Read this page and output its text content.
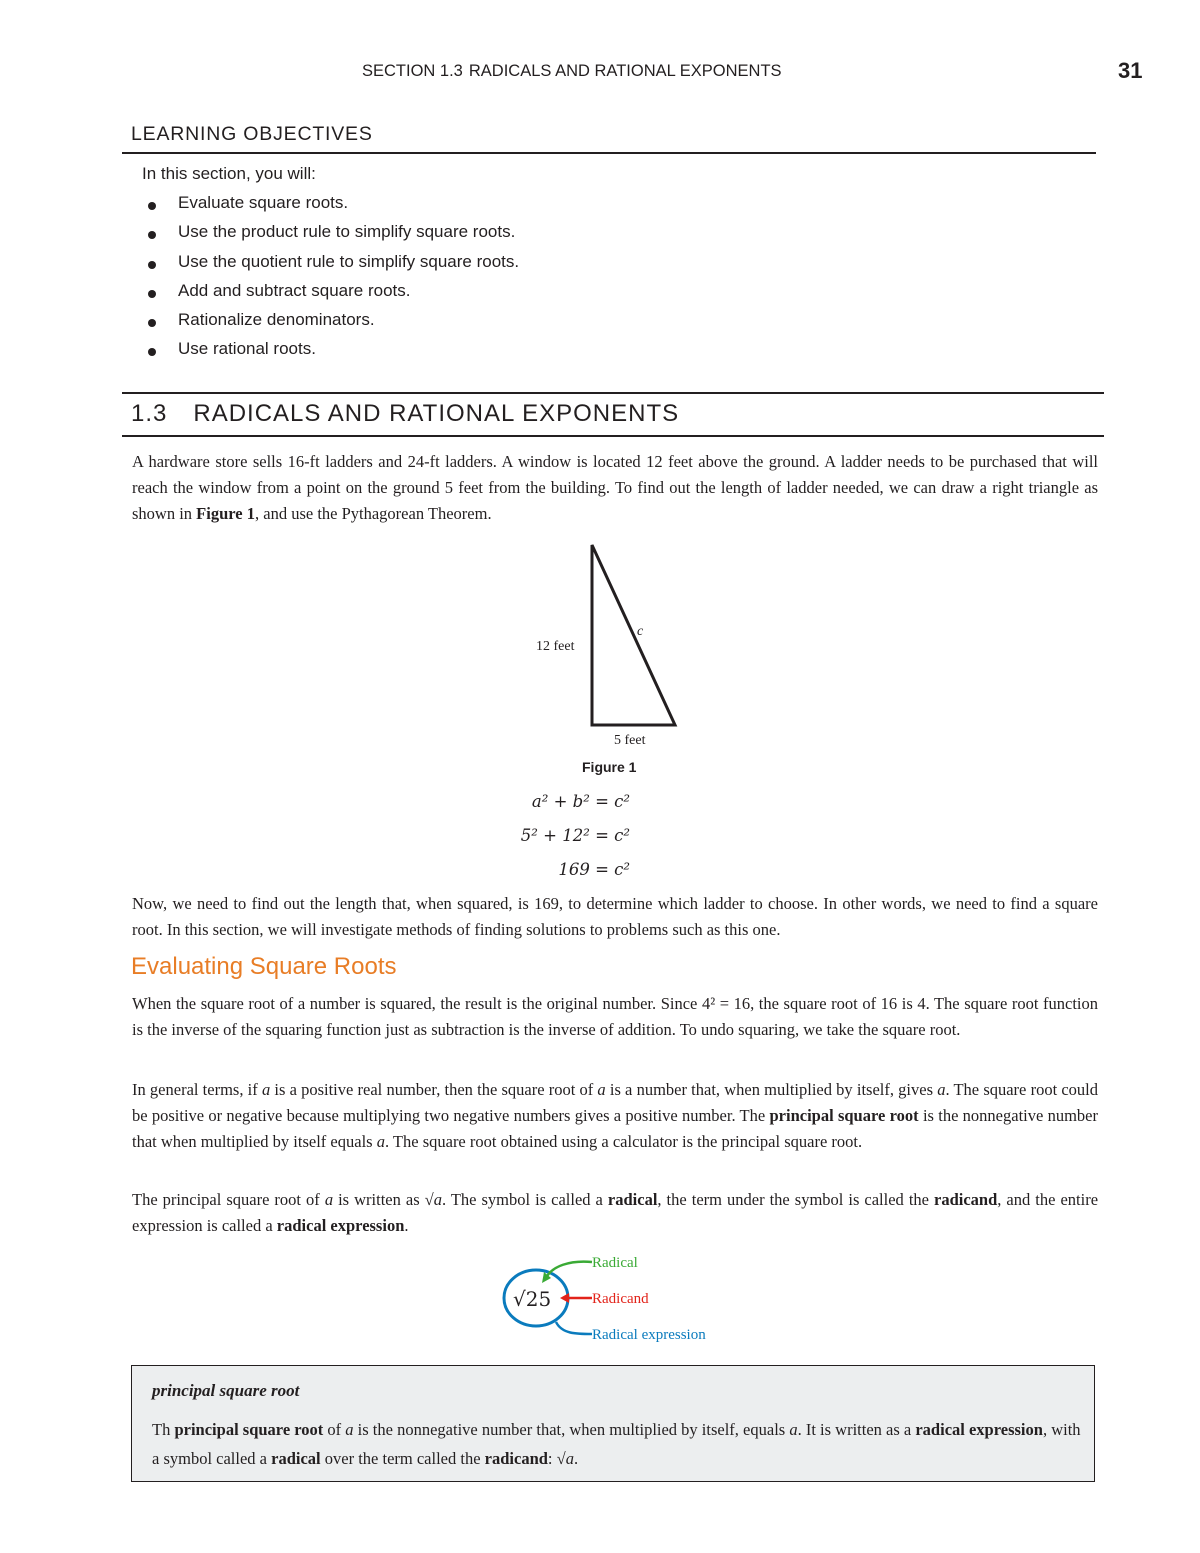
SECTION 1.3 RADICALS AND RATIONAL EXPONENTS	31
LEARNING OBJECTIVES
In this section, you will:
Evaluate square roots.
Use the product rule to simplify square roots.
Use the quotient rule to simplify square roots.
Add and subtract square roots.
Rationalize denominators.
Use rational roots.
1.3 RADICALS AND RATIONAL EXPONENTS
A hardware store sells 16-ft ladders and 24-ft ladders. A window is located 12 feet above the ground. A ladder needs to be purchased that will reach the window from a point on the ground 5 feet from the building. To find out the length of ladder needed, we can draw a right triangle as shown in Figure 1, and use the Pythagorean Theorem.
12 feet
c
5 feet
Figure 1
a² + b² = c²
5² + 12² = c²
169 = c²
Now, we need to find out the length that, when squared, is 169, to determine which ladder to choose. In other words, we need to find a square root. In this section, we will investigate methods of finding solutions to problems such as this one.
Evaluating Square Roots
When the square root of a number is squared, the result is the original number. Since 4² = 16, the square root of 16 is 4. The square root function is the inverse of the squaring function just as subtraction is the inverse of addition. To undo squaring, we take the square root.
In general terms, if a is a positive real number, then the square root of a is a number that, when multiplied by itself, gives a. The square root could be positive or negative because multiplying two negative numbers gives a positive number. The principal square root is the nonnegative number that when multiplied by itself equals a. The square root obtained using a calculator is the principal square root.
The principal square root of a is written as √a. The symbol is called a radical, the term under the symbol is called the radicand, and the entire expression is called a radical expression.
√25
Radical
Radicand
Radical expression
principal square root
Th principal square root of a is the nonnegative number that, when multiplied by itself, equals a. It is written as a radical expression, with a symbol called a radical over the term called the radicand: √a.
